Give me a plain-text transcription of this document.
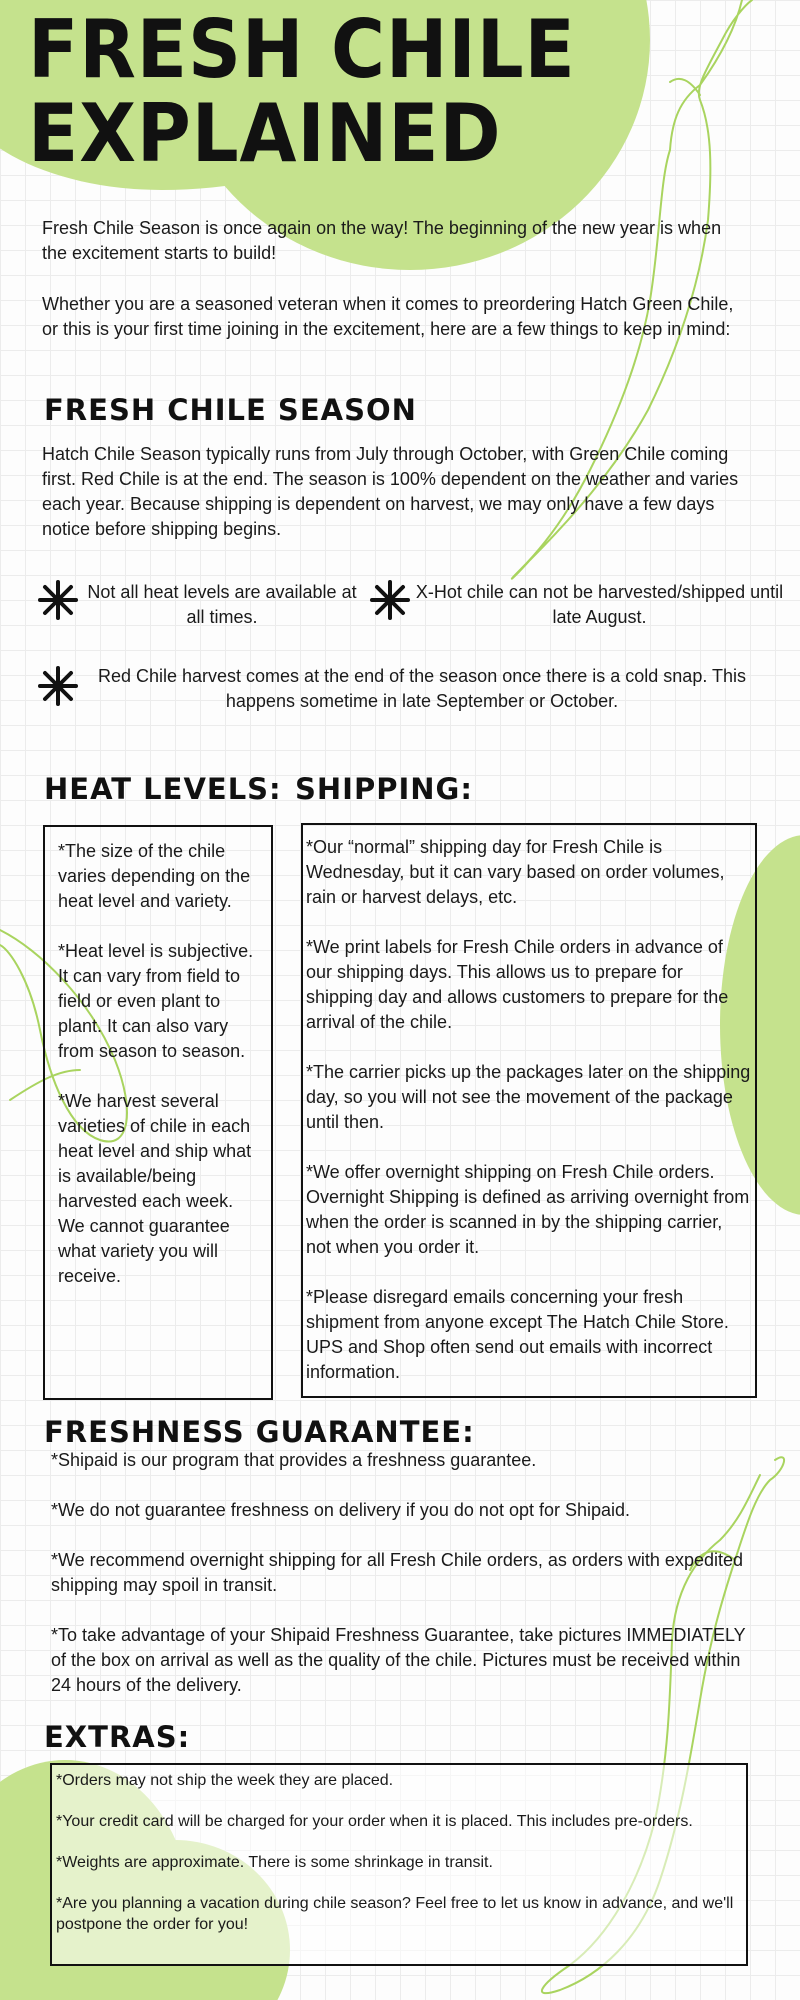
FRESH CHILE
EXPLAINED

Fresh Chile Season is once again on the way! The beginning of the new year is when the excitement starts to build!

Whether you are a seasoned veteran when it comes to preordering Hatch Green Chile, or this is your first time joining in the excitement, here are a few things to keep in mind:

FRESH CHILE SEASON

Hatch Chile Season typically runs from July through October, with Green Chile coming first. Red Chile is at the end. The season is 100% dependent on the weather and varies each year. Because shipping is dependent on harvest, we may only have a few days notice before shipping begins.

Not all heat levels are available at all times.

X-Hot chile can not be harvested/shipped until late August.

Red Chile harvest comes at the end of the season once there is a cold snap. This happens sometime in late September or October.

HEAT LEVELS:

*The size of the chile varies depending on the heat level and variety.

*Heat level is subjective. It can vary from field to field or even plant to plant. It can also vary from season to season.

*We harvest several varieties of chile in each heat level and ship what is available/being harvested each week. We cannot guarantee what variety you will receive.

SHIPPING:

*Our “normal” shipping day for Fresh Chile is Wednesday, but it can vary based on order volumes, rain or harvest delays, etc.

*We print labels for Fresh Chile orders in advance of our shipping days. This allows us to prepare for shipping day and allows customers to prepare for the arrival of the chile.

*The carrier picks up the packages later on the shipping day, so you will not see the movement of the package until then.

*We offer overnight shipping on Fresh Chile orders. Overnight Shipping is defined as arriving overnight from when the order is scanned in by the shipping carrier, not when you order it.

*Please disregard emails concerning your fresh shipment from anyone except The Hatch Chile Store. UPS and Shop often send out emails with incorrect information.

FRESHNESS GUARANTEE:

*Shipaid is our program that provides a freshness guarantee.

*We do not guarantee freshness on delivery if you do not opt for Shipaid.

*We recommend overnight shipping for all Fresh Chile orders, as orders with expedited shipping may spoil in transit.

*To take advantage of your Shipaid Freshness Guarantee, take pictures IMMEDIATELY of the box on arrival as well as the quality of the chile. Pictures must be received within 24 hours of the delivery.

EXTRAS:

*Orders may not ship the week they are placed.

*Your credit card will be charged for your order when it is placed. This includes pre-orders.

*Weights are approximate. There is some shrinkage in transit.

*Are you planning a vacation during chile season? Feel free to let us know in advance, and we'll postpone the order for you!
